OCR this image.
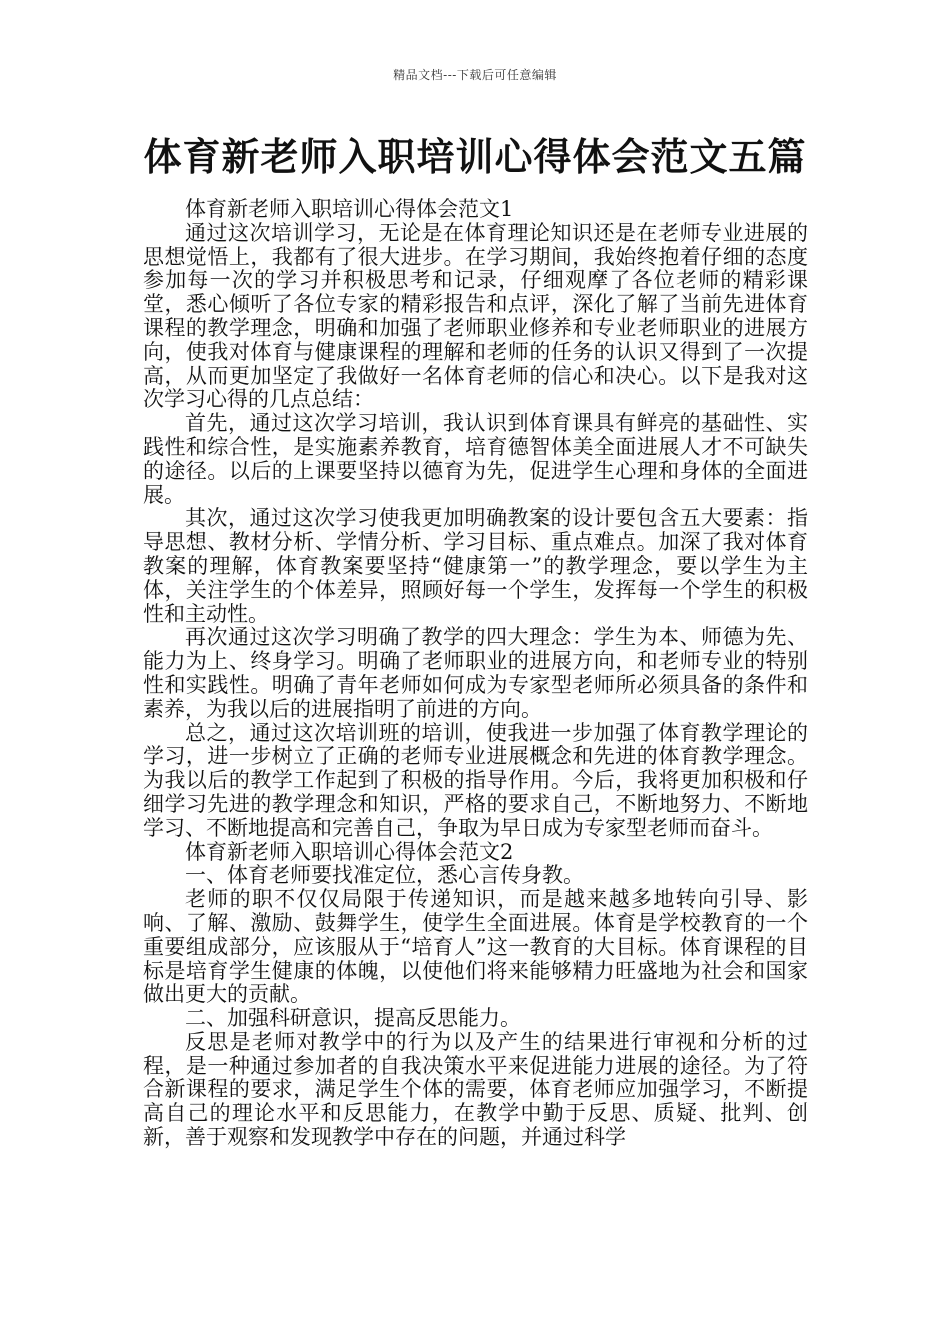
精品文档---下载后可任意编辑
体育新老师入职培训心得体会范文五篇

体育新老师入职培训心得体会范文1

通过这次培训学习，无论是在体育理论知识还是在老师专业进展的思想觉悟上，我都有了很大进步。在学习期间，我始终抱着仔细的态度参加每一次的学习并积极思考和记录，仔细观摩了各位老师的精彩课堂，悉心倾听了各位专家的精彩报告和点评，深化了解了当前先进体育课程的教学理念，明确和加强了老师职业修养和专业老师职业的进展方向，使我对体育与健康课程的理解和老师的任务的认识又得到了一次提高，从而更加坚定了我做好一名体育老师的信心和决心。以下是我对这次学习心得的几点总结：

首先，通过这次学习培训，我认识到体育课具有鲜亮的基础性、实践性和综合性，是实施素养教育，培育德智体美全面进展人才不可缺失的途径。以后的上课要坚持以德育为先，促进学生心理和身体的全面进展。

其次，通过这次学习使我更加明确教案的设计要包含五大要素：指导思想、教材分析、学情分析、学习目标、重点难点。加深了我对体育教案的理解，体育教案要坚持“健康第一”的教学理念，要以学生为主体，关注学生的个体差异，照顾好每一个学生，发挥每一个学生的积极性和主动性。

再次通过这次学习明确了教学的四大理念：学生为本、师德为先、能力为上、终身学习。明确了老师职业的进展方向，和老师专业的特别性和实践性。明确了青年老师如何成为专家型老师所必须具备的条件和素养，为我以后的进展指明了前进的方向。

总之，通过这次培训班的培训，使我进一步加强了体育教学理论的学习，进一步树立了正确的老师专业进展概念和先进的体育教学理念。为我以后的教学工作起到了积极的指导作用。今后，我将更加积极和仔细学习先进的教学理念和知识，严格的要求自己，不断地努力、不断地学习、不断地提高和完善自己，争取为早日成为专家型老师而奋斗。

体育新老师入职培训心得体会范文2

一、体育老师要找准定位，悉心言传身教。

老师的职不仅仅局限于传递知识，而是越来越多地转向引导、影响、了解、激励、鼓舞学生，使学生全面进展。体育是学校教育的一个重要组成部分，应该服从于“培育人”这一教育的大目标。体育课程的目标是培育学生健康的体魄，以使他们将来能够精力旺盛地为社会和国家做出更大的贡献。

二、加强科研意识，提高反思能力。

反思是老师对教学中的行为以及产生的结果进行审视和分析的过程，是一种通过参加者的自我决策水平来促进能力进展的途径。为了符合新课程的要求，满足学生个体的需要，体育老师应加强学习，不断提高自己的理论水平和反思能力，在教学中勤于反思、质疑、批判、创新，善于观察和发现教学中存在的问题，并通过科学
